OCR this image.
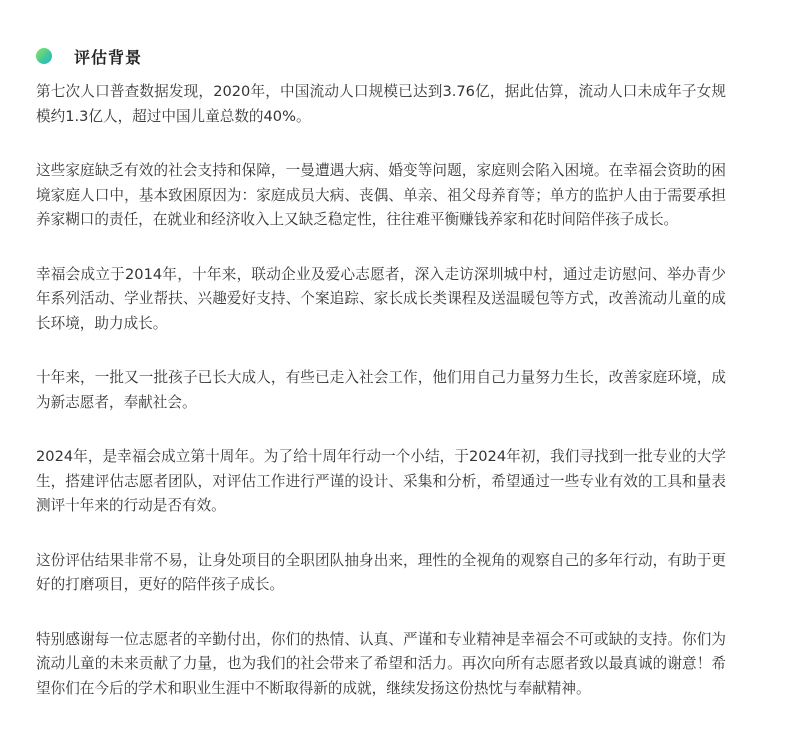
评估背景

第七次人口普查数据发现，2020年，中国流动人口规模已达到3.76亿，据此估算，流动人口未成年子女规模约1.3亿人，超过中国儿童总数的40%。

这些家庭缺乏有效的社会支持和保障，一曼遭遇大病、婚变等问题，家庭则会陷入困境。在幸福会资助的困境家庭人口中，基本致困原因为：家庭成员大病、丧偶、单亲、祖父母养育等；单方的监护人由于需要承担养家糊口的责任，在就业和经济收入上又缺乏稳定性，往往难平衡赚钱养家和花时间陪伴孩子成长。

幸福会成立于2014年，十年来，联动企业及爱心志愿者，深入走访深圳城中村，通过走访慰问、举办青少年系列活动、学业帮扶、兴趣爱好支持、个案追踪、家长成长类课程及送温暖包等方式，改善流动儿童的成长环境，助力成长。

十年来，一批又一批孩子已长大成人，有些已走入社会工作，他们用自己力量努力生长，改善家庭环境，成为新志愿者，奉献社会。

2024年，是幸福会成立第十周年。为了给十周年行动一个小结，于2024年初，我们寻找到一批专业的大学生，搭建评估志愿者团队，对评估工作进行严谨的设计、采集和分析，希望通过一些专业有效的工具和量表测评十年来的行动是否有效。

这份评估结果非常不易，让身处项目的全职团队抽身出来，理性的全视角的观察自己的多年行动，有助于更好的打磨项目，更好的陪伴孩子成长。

特别感谢每一位志愿者的辛勤付出，你们的热情、认真、严谨和专业精神是幸福会不可或缺的支持。你们为流动儿童的未来贡献了力量，也为我们的社会带来了希望和活力。再次向所有志愿者致以最真诚的谢意！希望你们在今后的学术和职业生涯中不断取得新的成就，继续发扬这份热忱与奉献精神。
